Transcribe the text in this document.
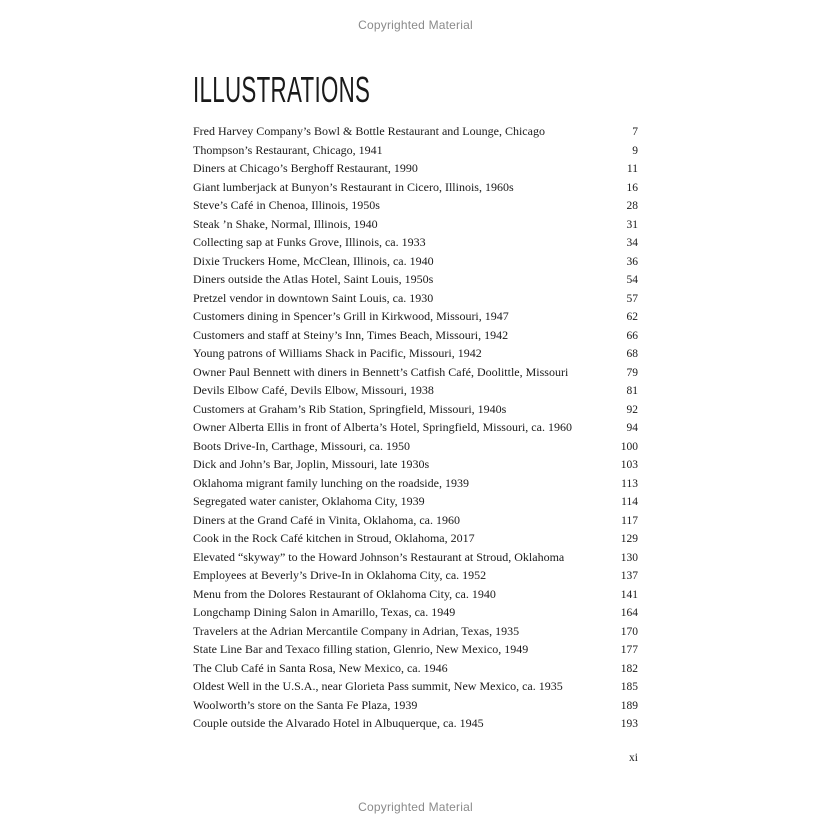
Copyrighted Material
ILLUSTRATIONS
Fred Harvey Company’s Bowl & Bottle Restaurant and Lounge, Chicago	7
Thompson’s Restaurant, Chicago, 1941	9
Diners at Chicago’s Berghoff Restaurant, 1990	11
Giant lumberjack at Bunyon’s Restaurant in Cicero, Illinois, 1960s	16
Steve’s Café in Chenoa, Illinois, 1950s	28
Steak ’n Shake, Normal, Illinois, 1940	31
Collecting sap at Funks Grove, Illinois, ca. 1933	34
Dixie Truckers Home, McClean, Illinois, ca. 1940	36
Diners outside the Atlas Hotel, Saint Louis, 1950s	54
Pretzel vendor in downtown Saint Louis, ca. 1930	57
Customers dining in Spencer’s Grill in Kirkwood, Missouri, 1947	62
Customers and staff at Steiny’s Inn, Times Beach, Missouri, 1942	66
Young patrons of Williams Shack in Pacific, Missouri, 1942	68
Owner Paul Bennett with diners in Bennett’s Catfish Café, Doolittle, Missouri	79
Devils Elbow Café, Devils Elbow, Missouri, 1938	81
Customers at Graham’s Rib Station, Springfield, Missouri, 1940s	92
Owner Alberta Ellis in front of Alberta’s Hotel, Springfield, Missouri, ca. 1960	94
Boots Drive-In, Carthage, Missouri, ca. 1950	100
Dick and John’s Bar, Joplin, Missouri, late 1930s	103
Oklahoma migrant family lunching on the roadside, 1939	113
Segregated water canister, Oklahoma City, 1939	114
Diners at the Grand Café in Vinita, Oklahoma, ca. 1960	117
Cook in the Rock Café kitchen in Stroud, Oklahoma, 2017	129
Elevated “skyway” to the Howard Johnson’s Restaurant at Stroud, Oklahoma	130
Employees at Beverly’s Drive-In in Oklahoma City, ca. 1952	137
Menu from the Dolores Restaurant of Oklahoma City, ca. 1940	141
Longchamp Dining Salon in Amarillo, Texas, ca. 1949	164
Travelers at the Adrian Mercantile Company in Adrian, Texas, 1935	170
State Line Bar and Texaco filling station, Glenrio, New Mexico, 1949	177
The Club Café in Santa Rosa, New Mexico, ca. 1946	182
Oldest Well in the U.S.A., near Glorieta Pass summit, New Mexico, ca. 1935	185
Woolworth’s store on the Santa Fe Plaza, 1939	189
Couple outside the Alvarado Hotel in Albuquerque, ca. 1945	193
xi
Copyrighted Material
